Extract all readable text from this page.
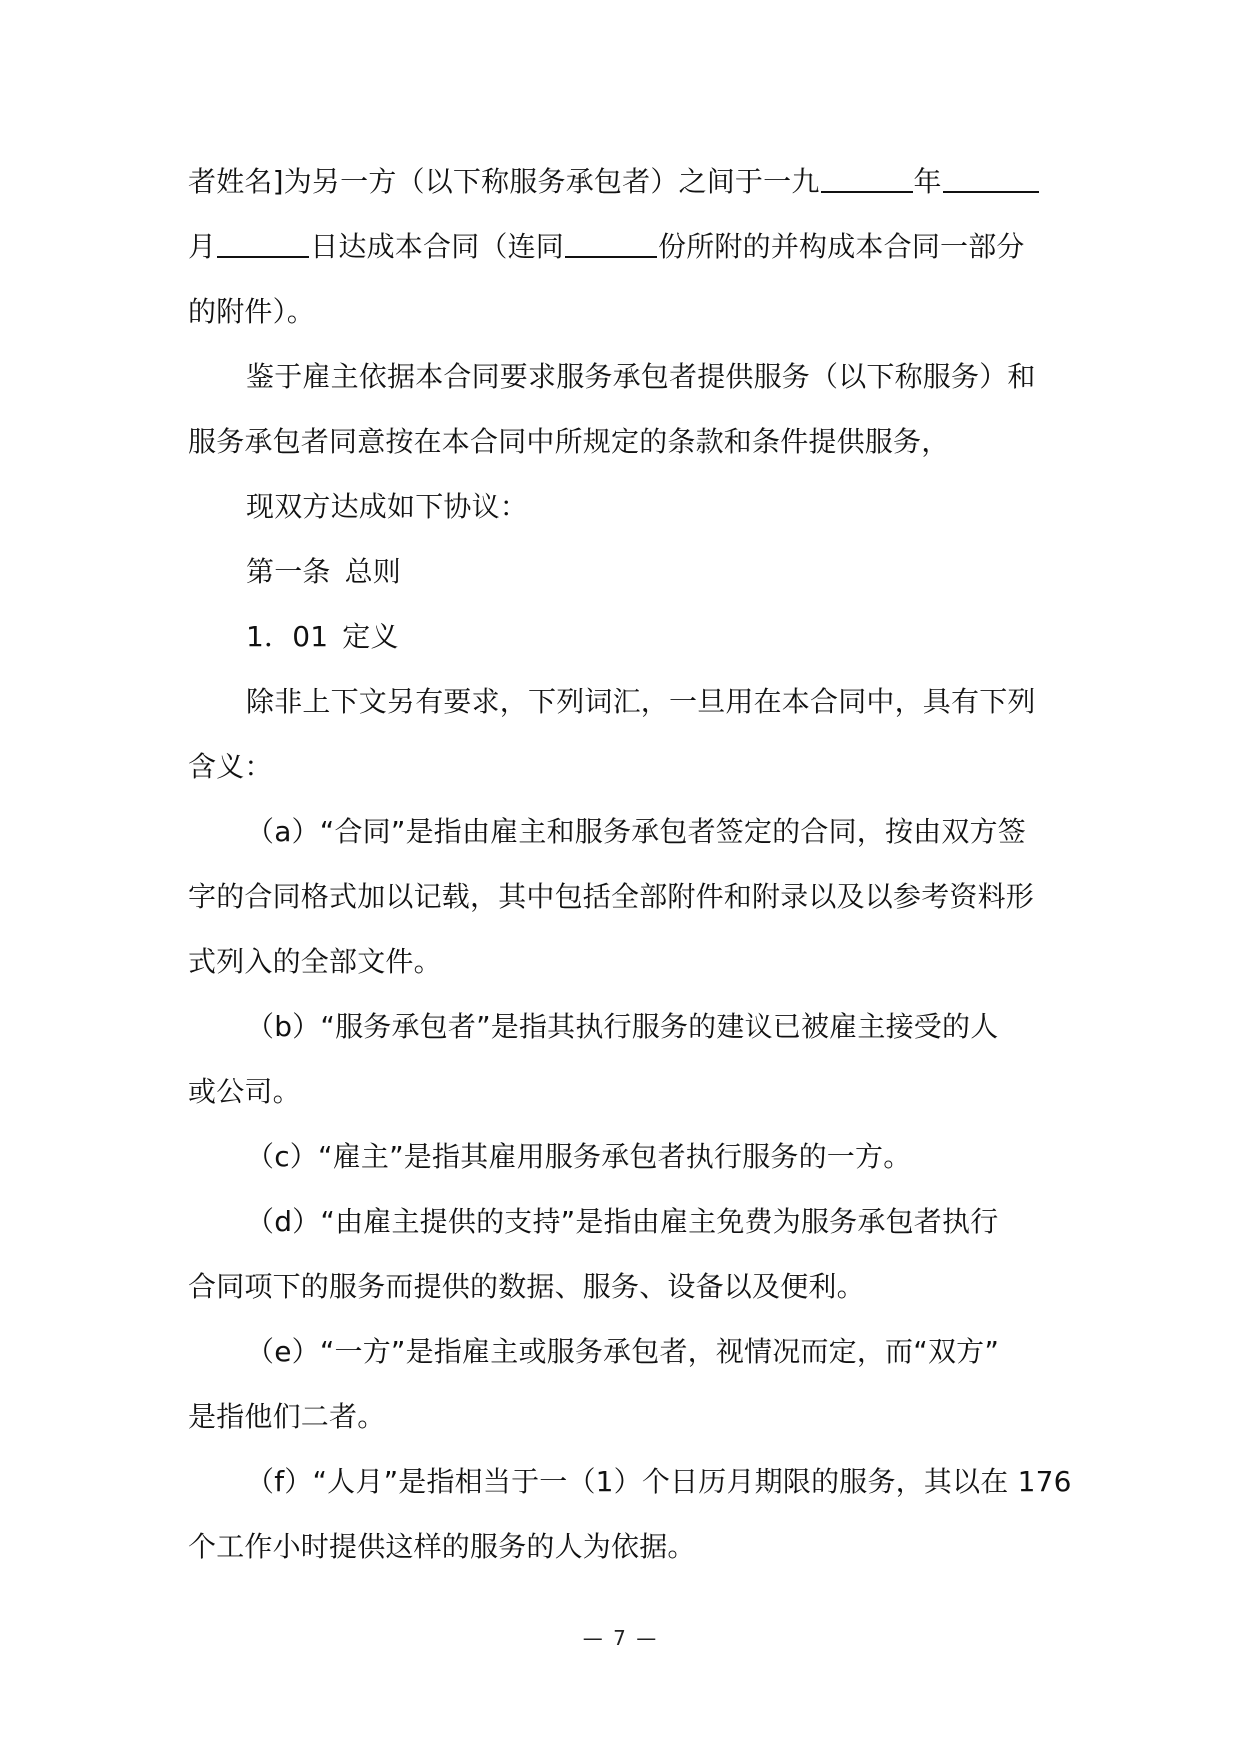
者姓名]为另一方（以下称服务承包者）之间于一九	年
月	日达成本合同（连同	份所附的并构成本合同一部分
的附件）。
鉴于雇主依据本合同要求服务承包者提供服务（以下称服务）和
服务承包者同意按在本合同中所规定的条款和条件提供服务，
现双方达成如下协议：
第一条 总则
1．01 定义
除非上下文另有要求，下列词汇，一旦用在本合同中，具有下列
含义：
（a）“合同”是指由雇主和服务承包者签定的合同，按由双方签
字的合同格式加以记载，其中包括全部附件和附录以及以参考资料形
式列入的全部文件。
（b）“服务承包者”是指其执行服务的建议已被雇主接受的人
或公司。
（c）“雇主”是指其雇用服务承包者执行服务的一方。
（d）“由雇主提供的支持”是指由雇主免费为服务承包者执行
合同项下的服务而提供的数据、服务、设备以及便利。
（e）“一方”是指雇主或服务承包者，视情况而定，而“双方”
是指他们二者。
（f）“人月”是指相当于一（1）个日历月期限的服务，其以在 176
个工作小时提供这样的服务的人为依据。
— 7 —
